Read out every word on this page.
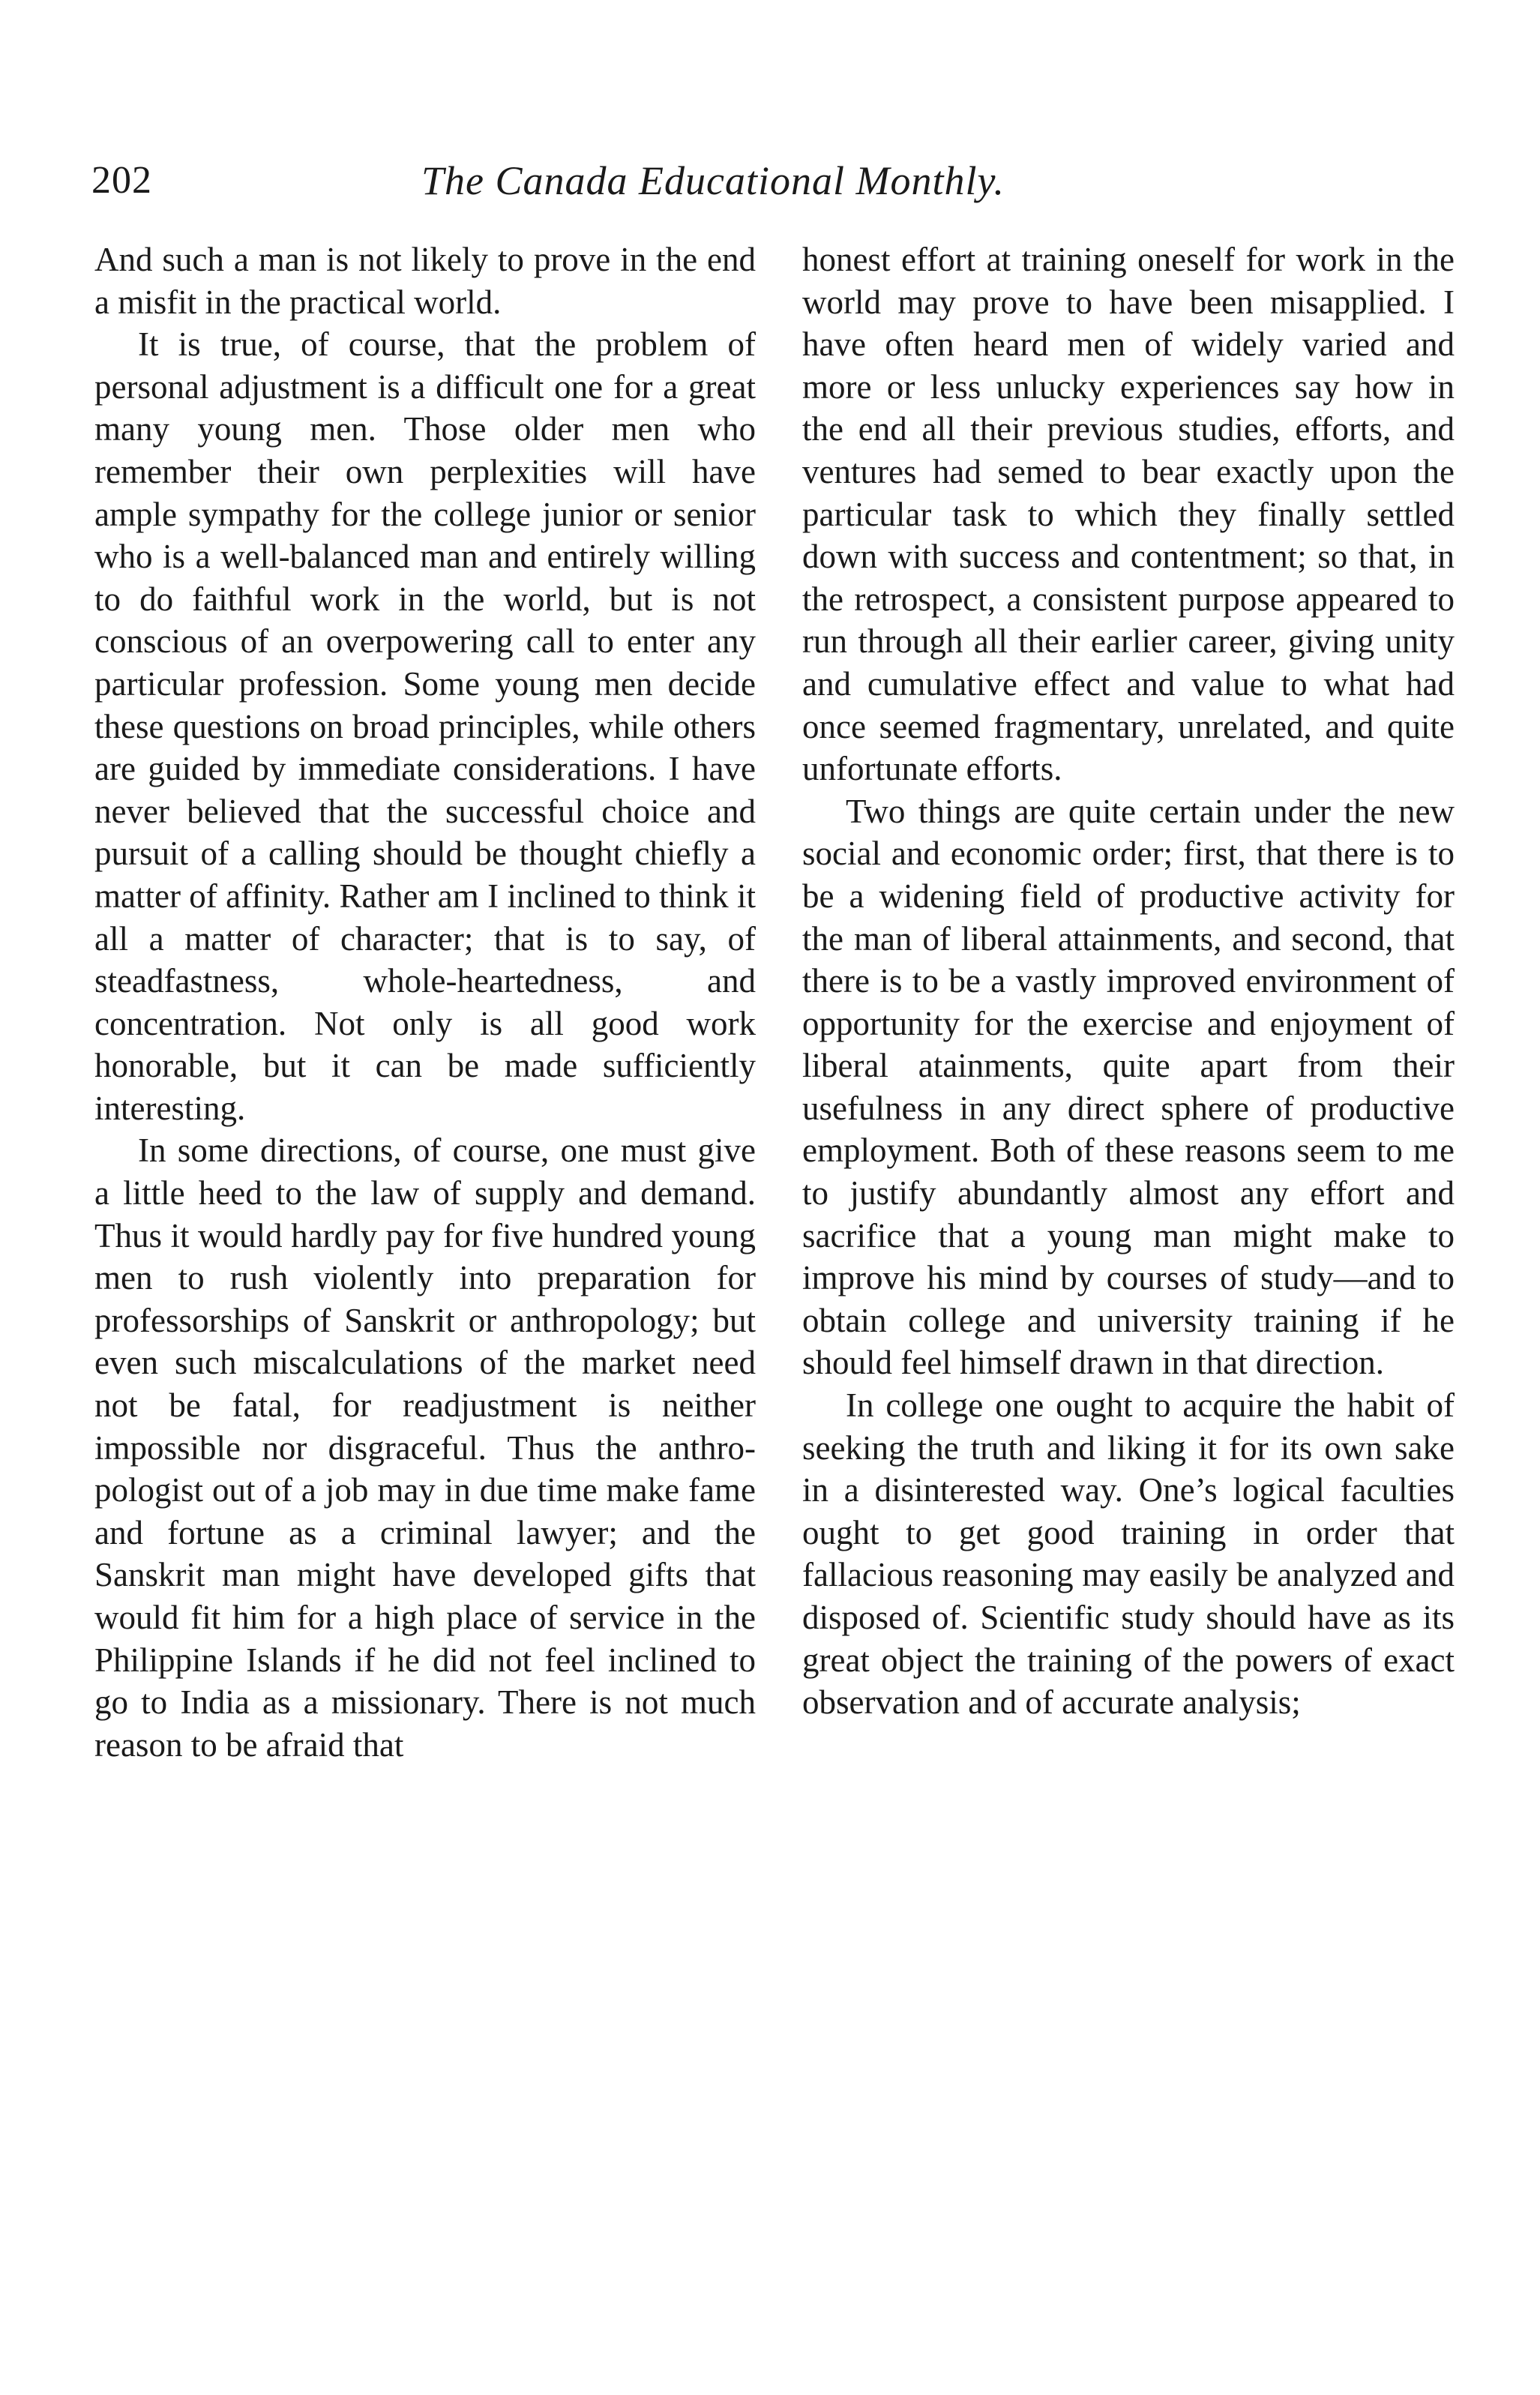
202	The Canada Educational Monthly.

And such a man is not likely to prove in the end a misfit in the practical world.

It is true, of course, that the problem of personal adjustment is a difficult one for a great many young men. Those older men who remember their own perplexities will have ample sympathy for the college junior or senior who is a well-balanced man and entirely willing to do faithful work in the world, but is not conscious of an overpowering call to enter any particular profession. Some young men decide these questions on broad principles, while others are guided by immediate considerations. I have never believed that the successful choice and pursuit of a calling should be thought chiefly a matter of affinity. Rather am I inclined to think it all a matter of character; that is to say, of steadfastness, whole-heartedness, and concentration. Not only is all good work honorable, but it can be made sufficiently interesting.

In some directions, of course, one must give a little heed to the law of supply and demand. Thus it would hardly pay for five hundred young men to rush violently into preparation for professorships of Sanskrit or anthropology; but even such miscalculations of the market need not be fatal, for readjustment is neither impossible nor disgraceful. Thus the anthropologist out of a job may in due time make fame and fortune as a criminal lawyer; and the Sanskrit man might have developed gifts that would fit him for a high place of service in the Philippine Islands if he did not feel inclined to go to India as a missionary. There is not much reason to be afraid that

honest effort at training oneself for work in the world may prove to have been misapplied. I have often heard men of widely varied and more or less unlucky experiences say how in the end all their previous studies, efforts, and ventures had semed to bear exactly upon the particular task to which they finally settled down with success and contentment; so that, in the retrospect, a consistent purpose appeared to run through all their earlier career, giving unity and cumulative effect and value to what had once seemed fragmentary, unrelated, and quite unfortunate efforts.

Two things are quite certain under the new social and economic order; first, that there is to be a widening field of productive activity for the man of liberal attainments, and second, that there is to be a vastly improved environment of opportunity for the exercise and enjoyment of liberal atainments, quite apart from their usefulness in any direct sphere of productive employment. Both of these reasons seem to me to justify abundantly almost any effort and sacrifice that a young man might make to improve his mind by courses of study—and to obtain college and university training if he should feel himself drawn in that direction.

In college one ought to acquire the habit of seeking the truth and liking it for its own sake in a disinterested way. One’s logical faculties ought to get good training in order that fallacious reasoning may easily be analyzed and disposed of. Scientific study should have as its great object the training of the powers of exact observation and of accurate analysis;
